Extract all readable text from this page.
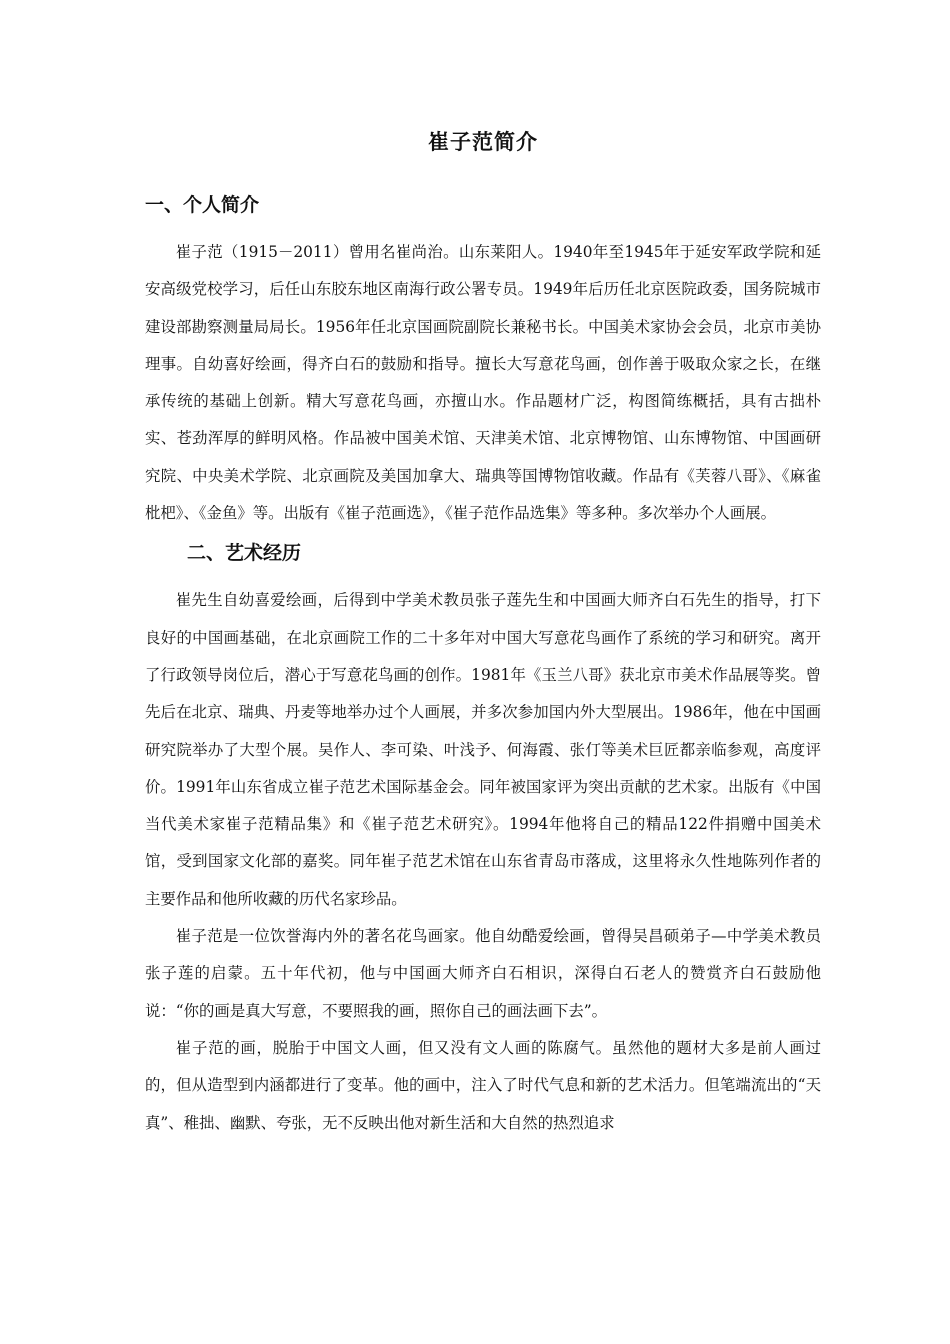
崔子范简介
一、个人简介

崔子范（1915－2011）曾用名崔尚治。山东莱阳人。1940年至1945年于延安军政学院和延安高级党校学习，后任山东胶东地区南海行政公署专员。1949年后历任北京医院政委，国务院城市建设部勘察测量局局长。1956年任北京国画院副院长兼秘书长。中国美术家协会会员，北京市美协理事。自幼喜好绘画，得齐白石的鼓励和指导。擅长大写意花鸟画，创作善于吸取众家之长，在继承传统的基础上创新。精大写意花鸟画，亦擅山水。作品题材广泛，构图简练概括，具有古拙朴实、苍劲浑厚的鲜明风格。作品被中国美术馆、天津美术馆、北京博物馆、山东博物馆、中国画研究院、中央美术学院、北京画院及美国加拿大、瑞典等国博物馆收藏。作品有《芙蓉八哥》、《麻雀枇杷》、《金鱼》等。出版有《崔子范画选》，《崔子范作品选集》等多种。多次举办个人画展。

二、艺术经历

崔先生自幼喜爱绘画，后得到中学美术教员张子莲先生和中国画大师齐白石先生的指导，打下良好的中国画基础，在北京画院工作的二十多年对中国大写意花鸟画作了系统的学习和研究。离开了行政领导岗位后，潜心于写意花鸟画的创作。1981年《玉兰八哥》获北京市美术作品展等奖。曾先后在北京、瑞典、丹麦等地举办过个人画展，并多次参加国内外大型展出。1986年，他在中国画研究院举办了大型个展。吴作人、李可染、叶浅予、何海霞、张仃等美术巨匠都亲临参观，高度评价。1991年山东省成立崔子范艺术国际基金会。同年被国家评为突出贡献的艺术家。出版有《中国当代美术家崔子范精品集》和《崔子范艺术研究》。1994年他将自己的精品122件捐赠中国美术馆，受到国家文化部的嘉奖。同年崔子范艺术馆在山东省青岛市落成，这里将永久性地陈列作者的主要作品和他所收藏的历代名家珍品。

崔子范是一位饮誉海内外的著名花鸟画家。他自幼酷爱绘画，曾得吴昌硕弟子—中学美术教员张子莲的启蒙。五十年代初，他与中国画大师齐白石相识，深得白石老人的赞赏齐白石鼓励他说：“你的画是真大写意，不要照我的画，照你自己的画法画下去”。

崔子范的画，脱胎于中国文人画，但又没有文人画的陈腐气。虽然他的题材大多是前人画过的，但从造型到内涵都进行了变革。他的画中，注入了时代气息和新的艺术活力。但笔端流出的“天真”、稚拙、幽默、夸张，无不反映出他对新生活和大自然的热烈追求
